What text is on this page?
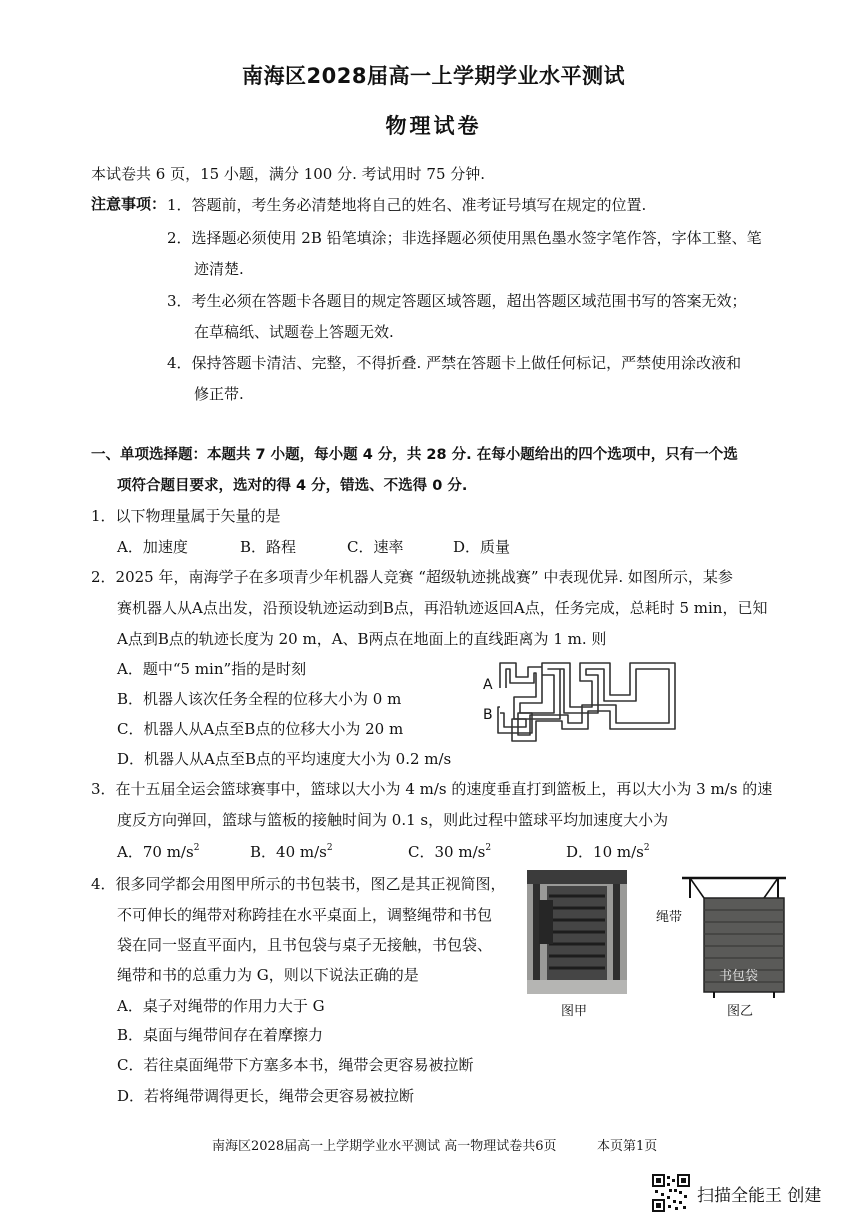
南海区2028届高一上学期学业水平测试
物理试卷
本试卷共 6 页，15 小题，满分 100 分. 考试用时 75 分钟.
注意事项： 1．答题前，考生务必清楚地将自己的姓名、准考证号填写在规定的位置.
2．选择题必须使用 2B 铅笔填涂；非选择题必须使用黑色墨水签字笔作答，字体工整、笔
迹清楚.
3．考生必须在答题卡各题目的规定答题区域答题，超出答题区域范围书写的答案无效；
在草稿纸、试题卷上答题无效.
4．保持答题卡清洁、完整，不得折叠. 严禁在答题卡上做任何标记，严禁使用涂改液和
修正带.
一、单项选择题：本题共 7 小题，每小题 4 分，共 28 分. 在每小题给出的四个选项中，只有一个选
项符合题目要求，选对的得 4 分，错选、不选得 0 分.
1．以下物理量属于矢量的是
A．加速度	B．路程	C．速率	D．质量
2．2025 年，南海学子在多项青少年机器人竞赛 “超级轨迹挑战赛” 中表现优异. 如图所示，某参
赛机器人从A点出发，沿预设轨迹运动到B点，再沿轨迹返回A点，任务完成，总耗时 5 min，已知
A点到B点的轨迹长度为 20 m，A、B两点在地面上的直线距离为 1 m. 则
A．题中“5 min”指的是时刻
B．机器人该次任务全程的位移大小为 0 m
C．机器人从A点至B点的位移大小为 20 m
D．机器人从A点至B点的平均速度大小为 0.2 m/s
A
B
3．在十五届全运会篮球赛事中，篮球以大小为 4 m/s 的速度垂直打到篮板上，再以大小为 3 m/s 的速
度反方向弹回，篮球与篮板的接触时间为 0.1 s，则此过程中篮球平均加速度大小为
A．70 $m/s^2$	B．40 $m/s^2$	C．30 $m/s^2$	D．10 $m/s^2$
4．很多同学都会用图甲所示的书包装书，图乙是其正视简图，
不可伸长的绳带对称跨挂在水平桌面上，调整绳带和书包
袋在同一竖直平面内，且书包袋与桌子无接触，书包袋、
绳带和书的总重力为 G，则以下说法正确的是
A．桌子对绳带的作用力大于 G
B．桌面与绳带间存在着摩擦力
C．若往桌面绳带下方塞多本书，绳带会更容易被拉断
D．若将绳带调得更长，绳带会更容易被拉断
图甲
绳带
书包袋
图乙
南海区2028届高一上学期学业水平测试 高一物理试卷共6页	本页第1页
扫描全能王 创建
